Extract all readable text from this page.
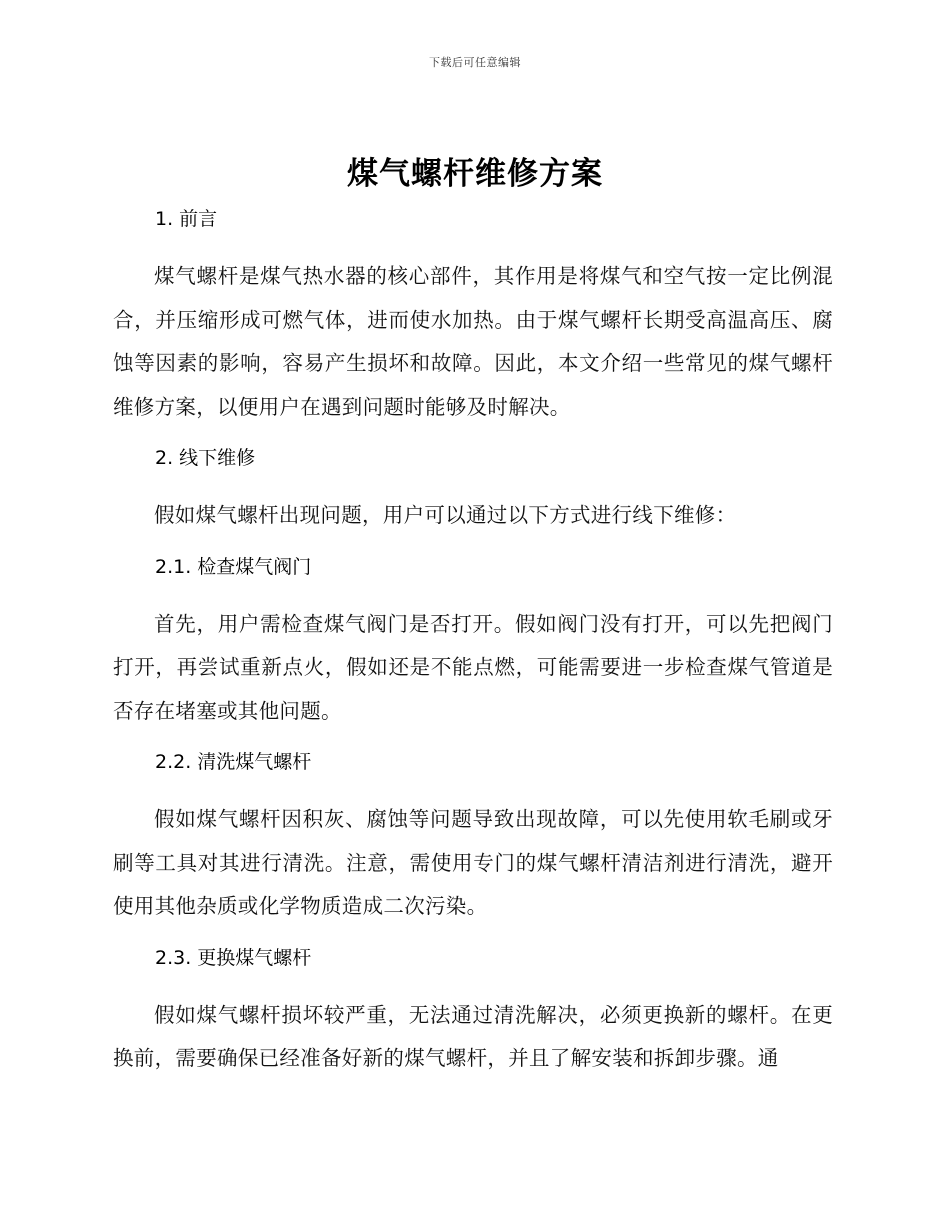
下载后可任意编辑
煤气螺杆维修方案
1. 前言

煤气螺杆是煤气热水器的核心部件，其作用是将煤气和空气按一定比例混合，并压缩形成可燃气体，进而使水加热。由于煤气螺杆长期受高温高压、腐蚀等因素的影响，容易产生损坏和故障。因此，本文介绍一些常见的煤气螺杆维修方案，以便用户在遇到问题时能够及时解决。

2. 线下维修

假如煤气螺杆出现问题，用户可以通过以下方式进行线下维修：

2.1. 检查煤气阀门

首先，用户需检查煤气阀门是否打开。假如阀门没有打开，可以先把阀门打开，再尝试重新点火，假如还是不能点燃，可能需要进一步检查煤气管道是否存在堵塞或其他问题。

2.2. 清洗煤气螺杆

假如煤气螺杆因积灰、腐蚀等问题导致出现故障，可以先使用软毛刷或牙刷等工具对其进行清洗。注意，需使用专门的煤气螺杆清洁剂进行清洗，避开使用其他杂质或化学物质造成二次污染。

2.3. 更换煤气螺杆

假如煤气螺杆损坏较严重，无法通过清洗解决，必须更换新的螺杆。在更换前，需要确保已经准备好新的煤气螺杆，并且了解安装和拆卸步骤。通
